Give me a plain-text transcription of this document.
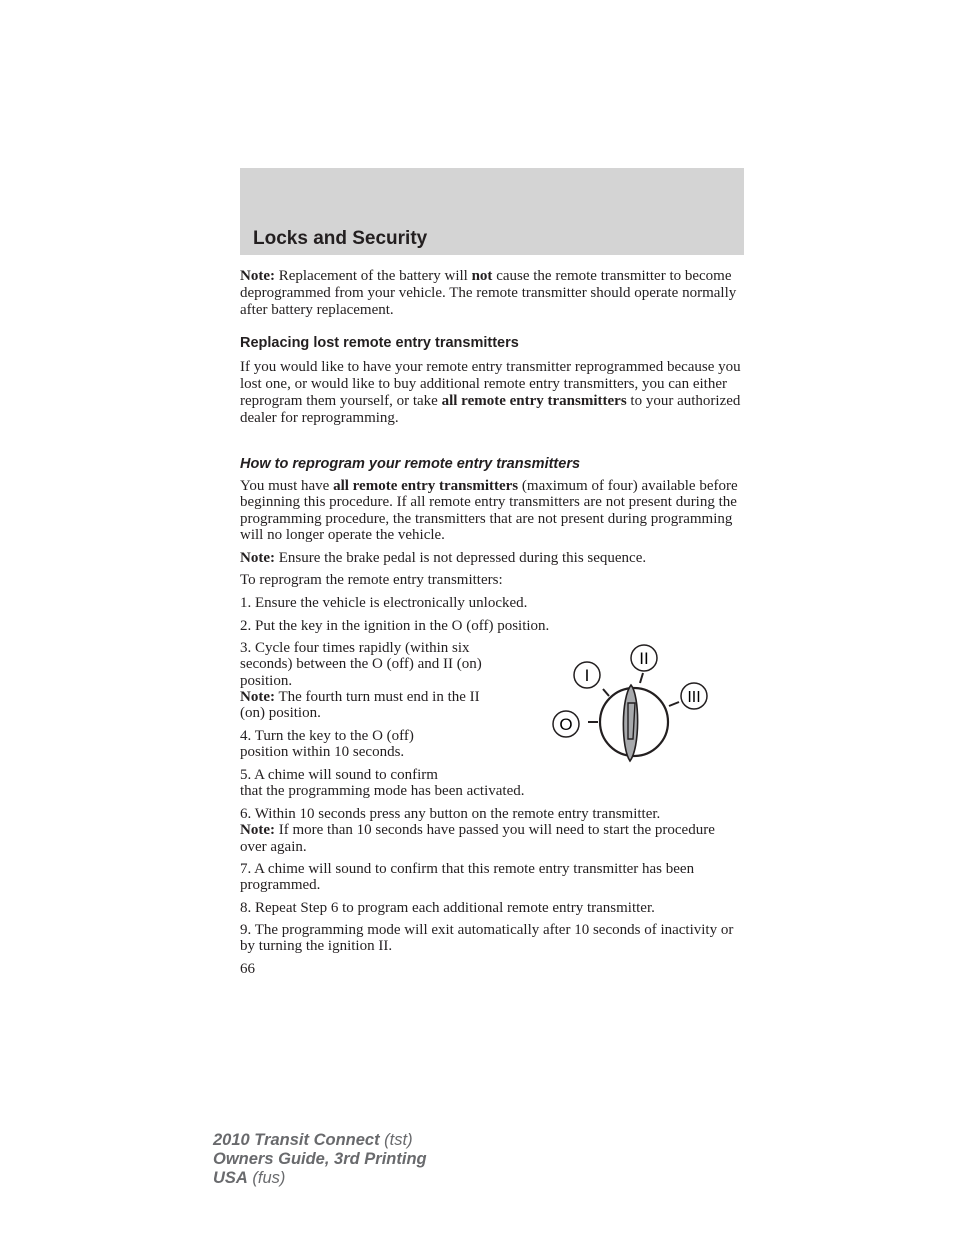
Locks and Security

Note: Replacement of the battery will not cause the remote transmitter to become deprogrammed from your vehicle. The remote transmitter should operate normally after battery replacement.

Replacing lost remote entry transmitters

If you would like to have your remote entry transmitter reprogrammed because you lost one, or would like to buy additional remote entry transmitters, you can either reprogram them yourself, or take all remote entry transmitters to your authorized dealer for reprogramming.

How to reprogram your remote entry transmitters

You must have all remote entry transmitters (maximum of four) available before beginning this procedure. If all remote entry transmitters are not present during the programming procedure, the transmitters that are not present during programming will no longer operate the vehicle.

Note: Ensure the brake pedal is not depressed during this sequence.

To reprogram the remote entry transmitters:

1. Ensure the vehicle is electronically unlocked.

2. Put the key in the ignition in the O (off) position.

3. Cycle four times rapidly (within six seconds) between the O (off) and II (on) position.
Note: The fourth turn must end in the II (on) position.

4. Turn the key to the O (off) position within 10 seconds.

5. A chime will sound to confirm
that the programming mode has been activated.

6. Within 10 seconds press any button on the remote entry transmitter.
Note: If more than 10 seconds have passed you will need to start the procedure over again.

7. A chime will sound to confirm that this remote entry transmitter has been programmed.

8. Repeat Step 6 to program each additional remote entry transmitter.

9. The programming mode will exit automatically after 10 seconds of inactivity or by turning the ignition II.

66

O
I
II
III
2010 Transit Connect (tst)
Owners Guide, 3rd Printing
USA (fus)
